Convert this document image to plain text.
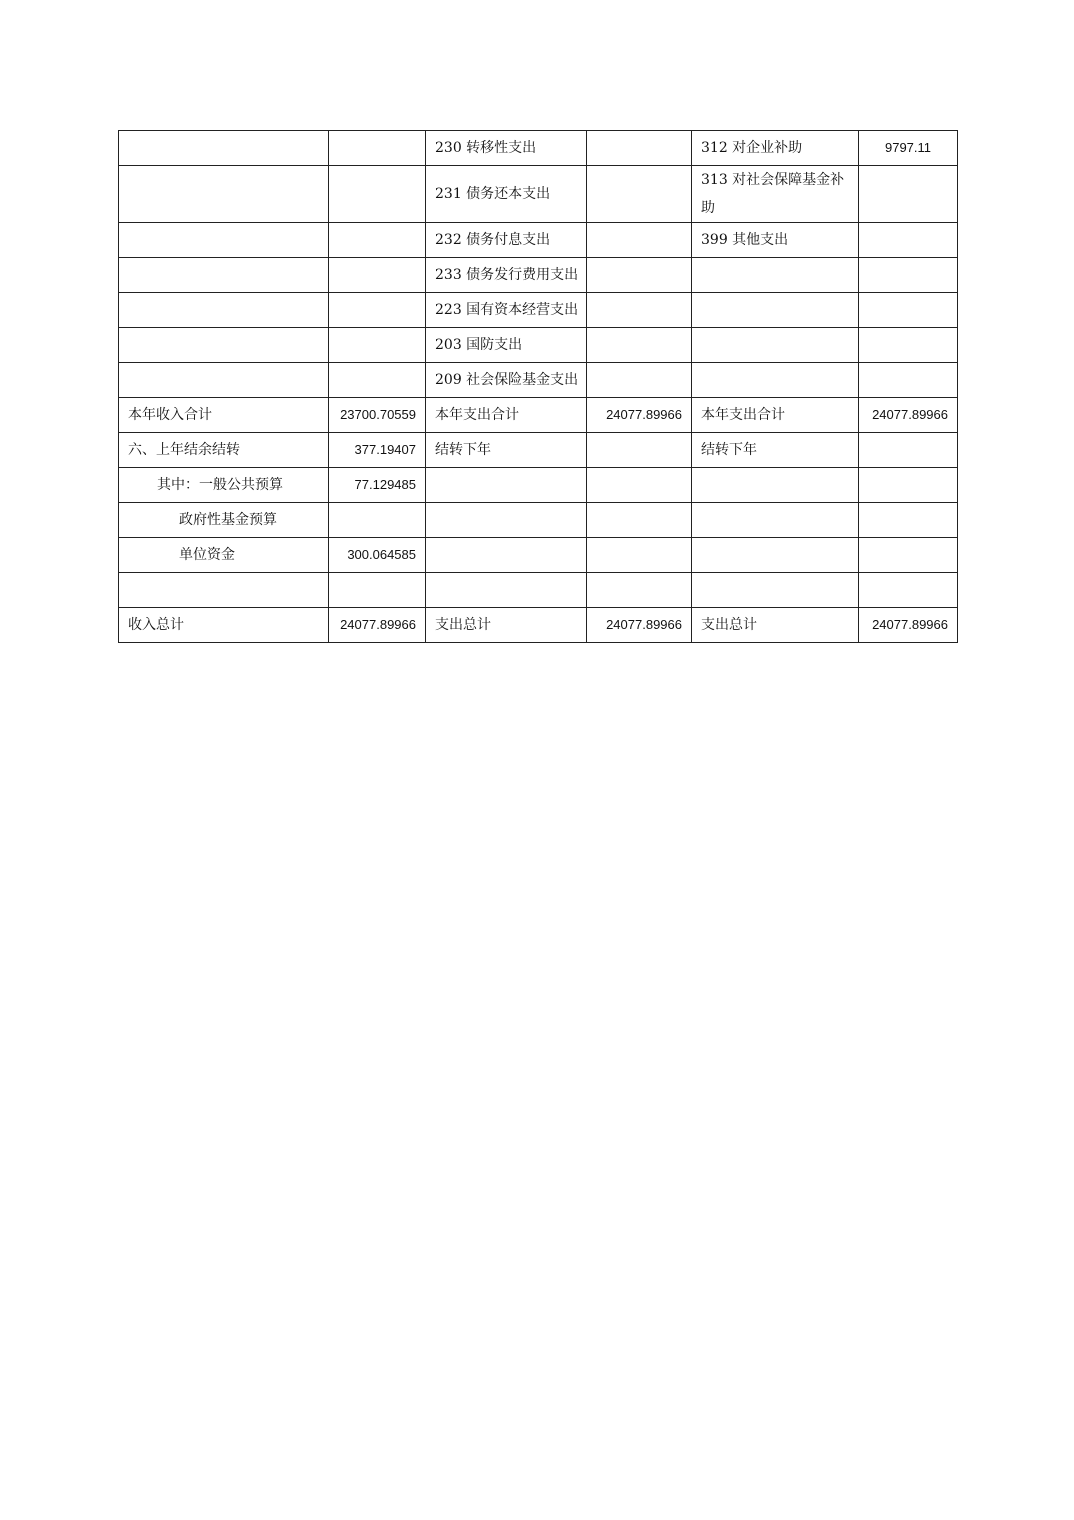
		230 转移性支出		312 对企业补助	9797.11
		231 债务还本支出		313 对社会保障基金补助	
		232 债务付息支出		399 其他支出	
		233 债务发行费用支出			
		223 国有资本经营支出			
		203 国防支出			
		209 社会保险基金支出			
本年收入合计	23700.70559	本年支出合计	24077.89966	本年支出合计	24077.89966
六、上年结余结转	377.19407	结转下年		结转下年	
其中：一般公共预算	77.129485				
政府性基金预算					
单位资金	300.064585				

收入总计	24077.89966	支出总计	24077.89966	支出总计	24077.89966
